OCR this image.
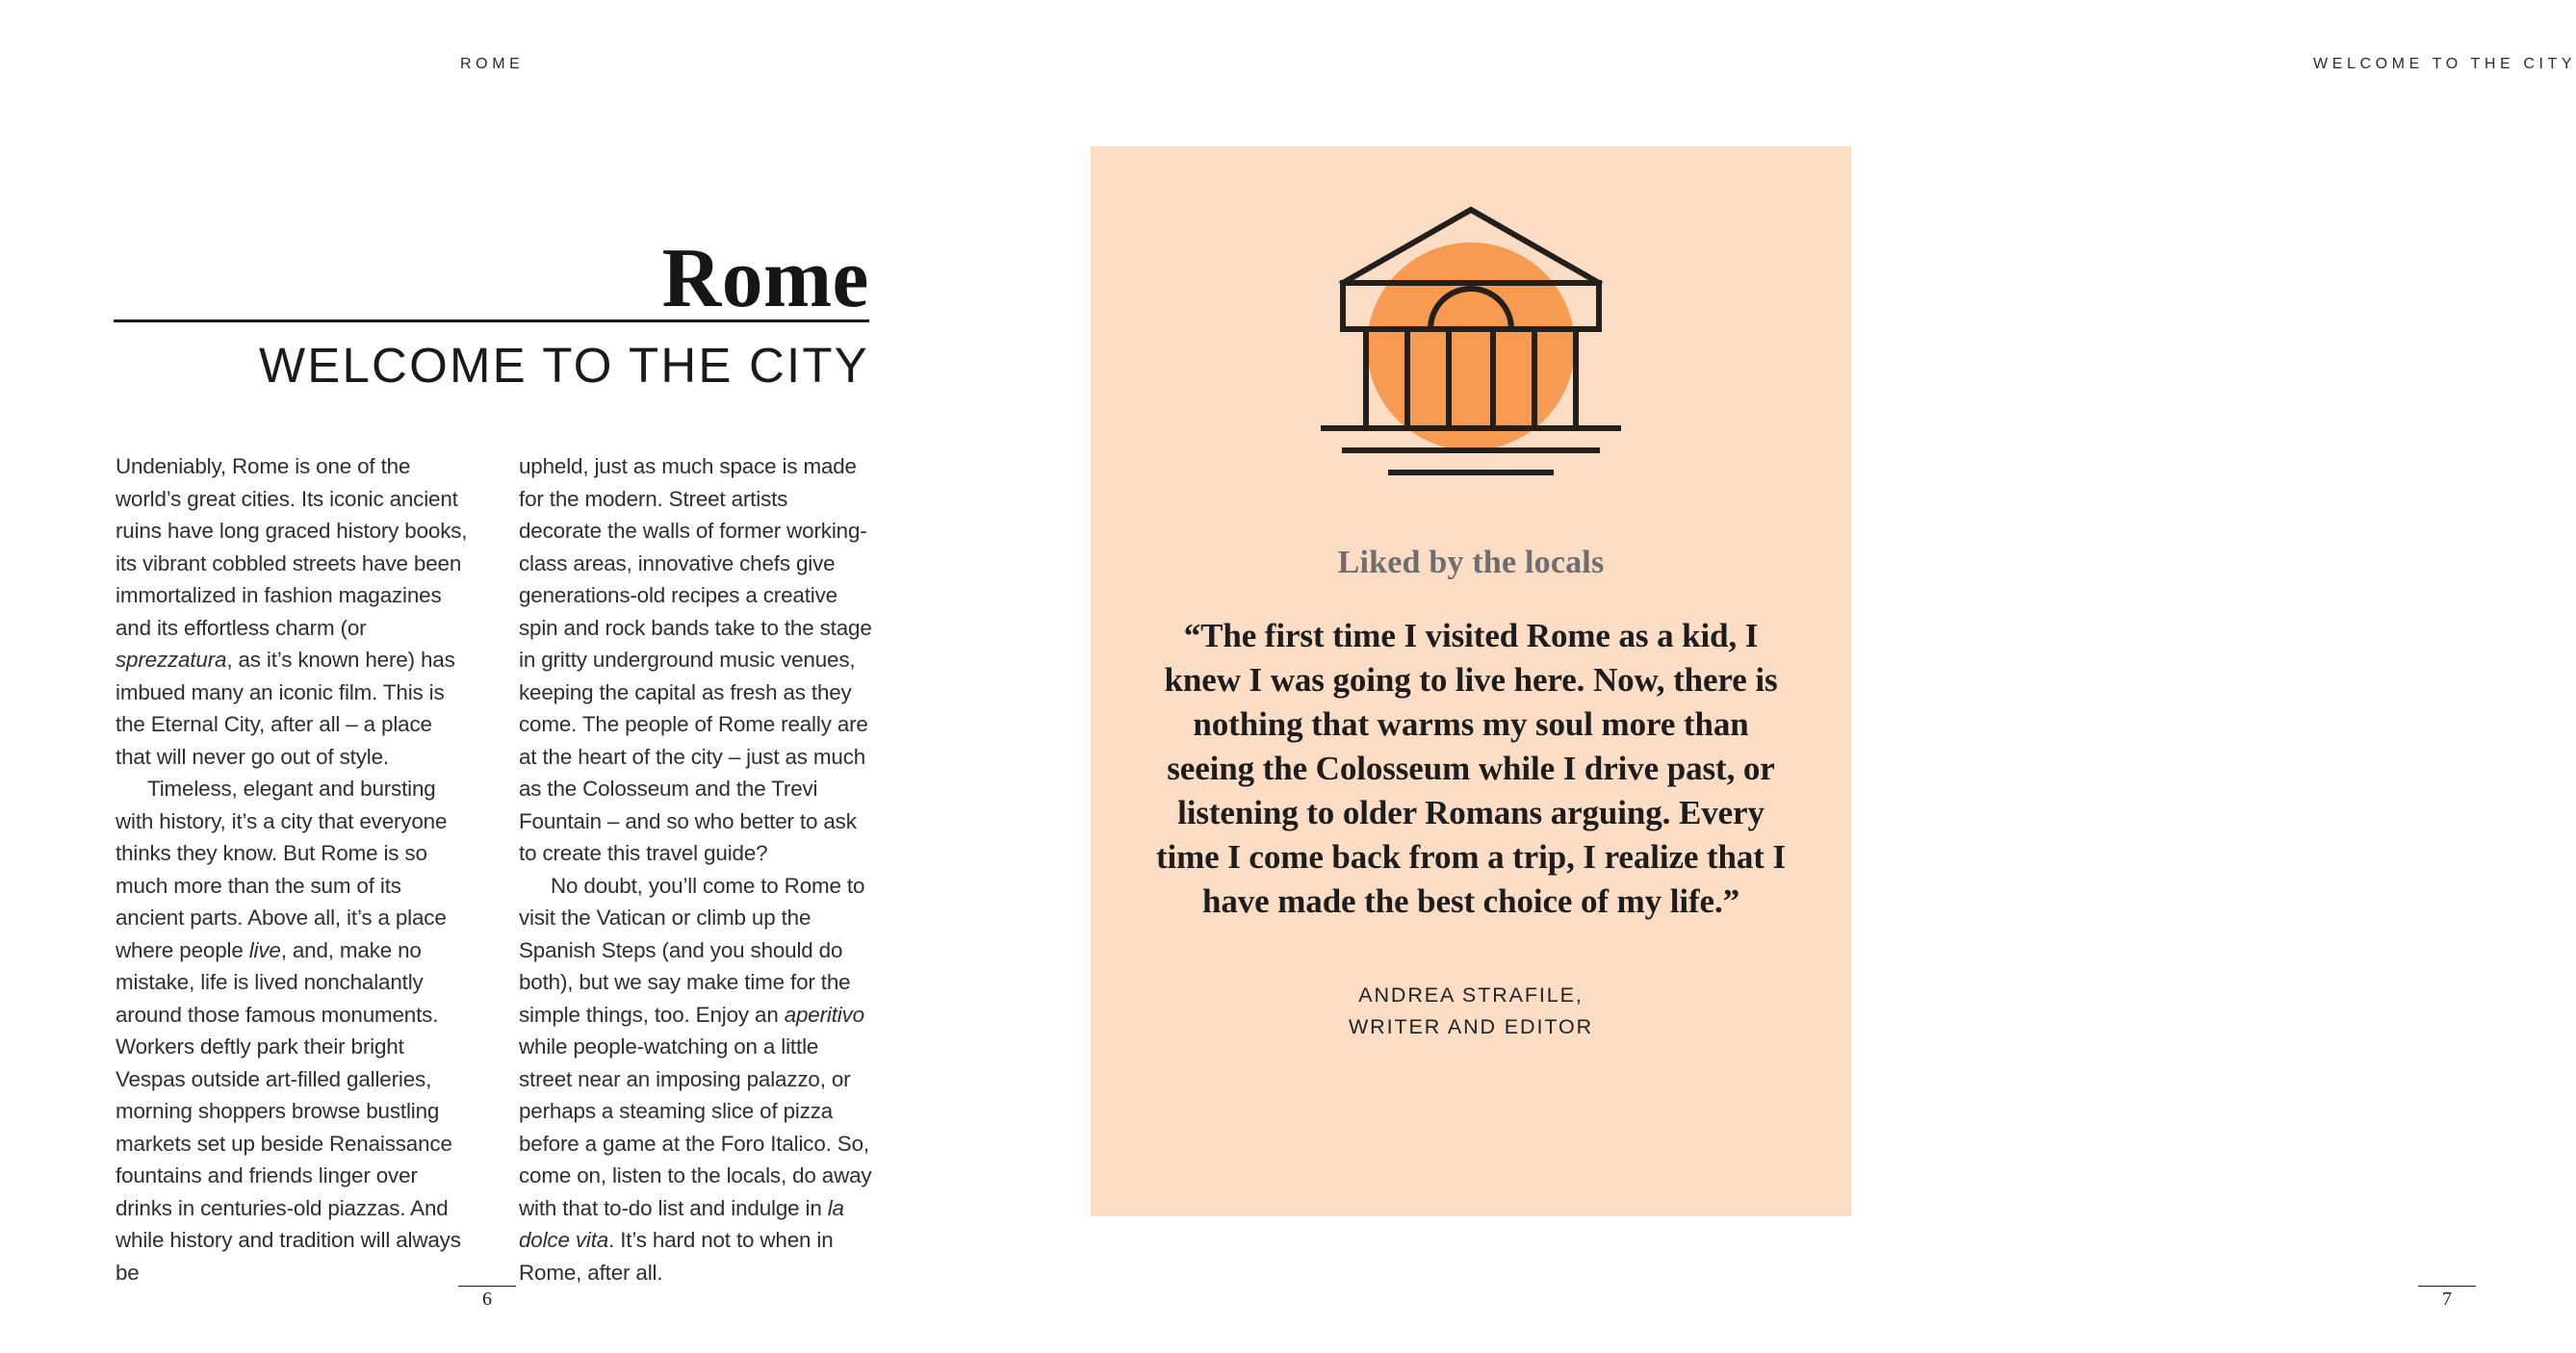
ROME
Rome
WELCOME TO THE CITY

Undeniably, Rome is one of the world’s great cities. Its iconic ancient ruins have long graced history books, its vibrant cobbled streets have been immortalized in fashion magazines and its effortless charm (or sprezzatura, as it’s known here) has imbued many an iconic film. This is the Eternal City, after all – a place that will never go out of style.

Timeless, elegant and bursting with history, it’s a city that everyone thinks they know. But Rome is so much more than the sum of its ancient parts. Above all, it’s a place where people live, and, make no mistake, life is lived nonchalantly around those famous monuments. Workers deftly park their bright Vespas outside art-filled galleries, morning shoppers browse bustling markets set up beside Renaissance fountains and friends linger over drinks in centuries-old piazzas. And while history and tradition will always be

upheld, just as much space is made for the modern. Street artists decorate the walls of former working-class areas, innovative chefs give generations-old recipes a creative spin and rock bands take to the stage in gritty underground music venues, keeping the capital as fresh as they come. The people of Rome really are at the heart of the city – just as much as the Colosseum and the Trevi Fountain – and so who better to ask to create this travel guide?

No doubt, you’ll come to Rome to visit the Vatican or climb up the Spanish Steps (and you should do both), but we say make time for the simple things, too. Enjoy an aperitivo while people-watching on a little street near an imposing palazzo, or perhaps a steaming slice of pizza before a game at the Foro Italico. So, come on, listen to the locals, do away with that to-do list and indulge in la dolce vita. It’s hard not to when in Rome, after all.

6
WELCOME TO THE CITY
Liked by the locals
“The first time I visited Rome as a kid, I knew I was going to live here. Now, there is nothing that warms my soul more than seeing the Colosseum while I drive past, or listening to older Romans arguing. Every time I come back from a trip, I realize that I have made the best choice of my life.”
ANDREA STRAFILE,
WRITER AND EDITOR
7
